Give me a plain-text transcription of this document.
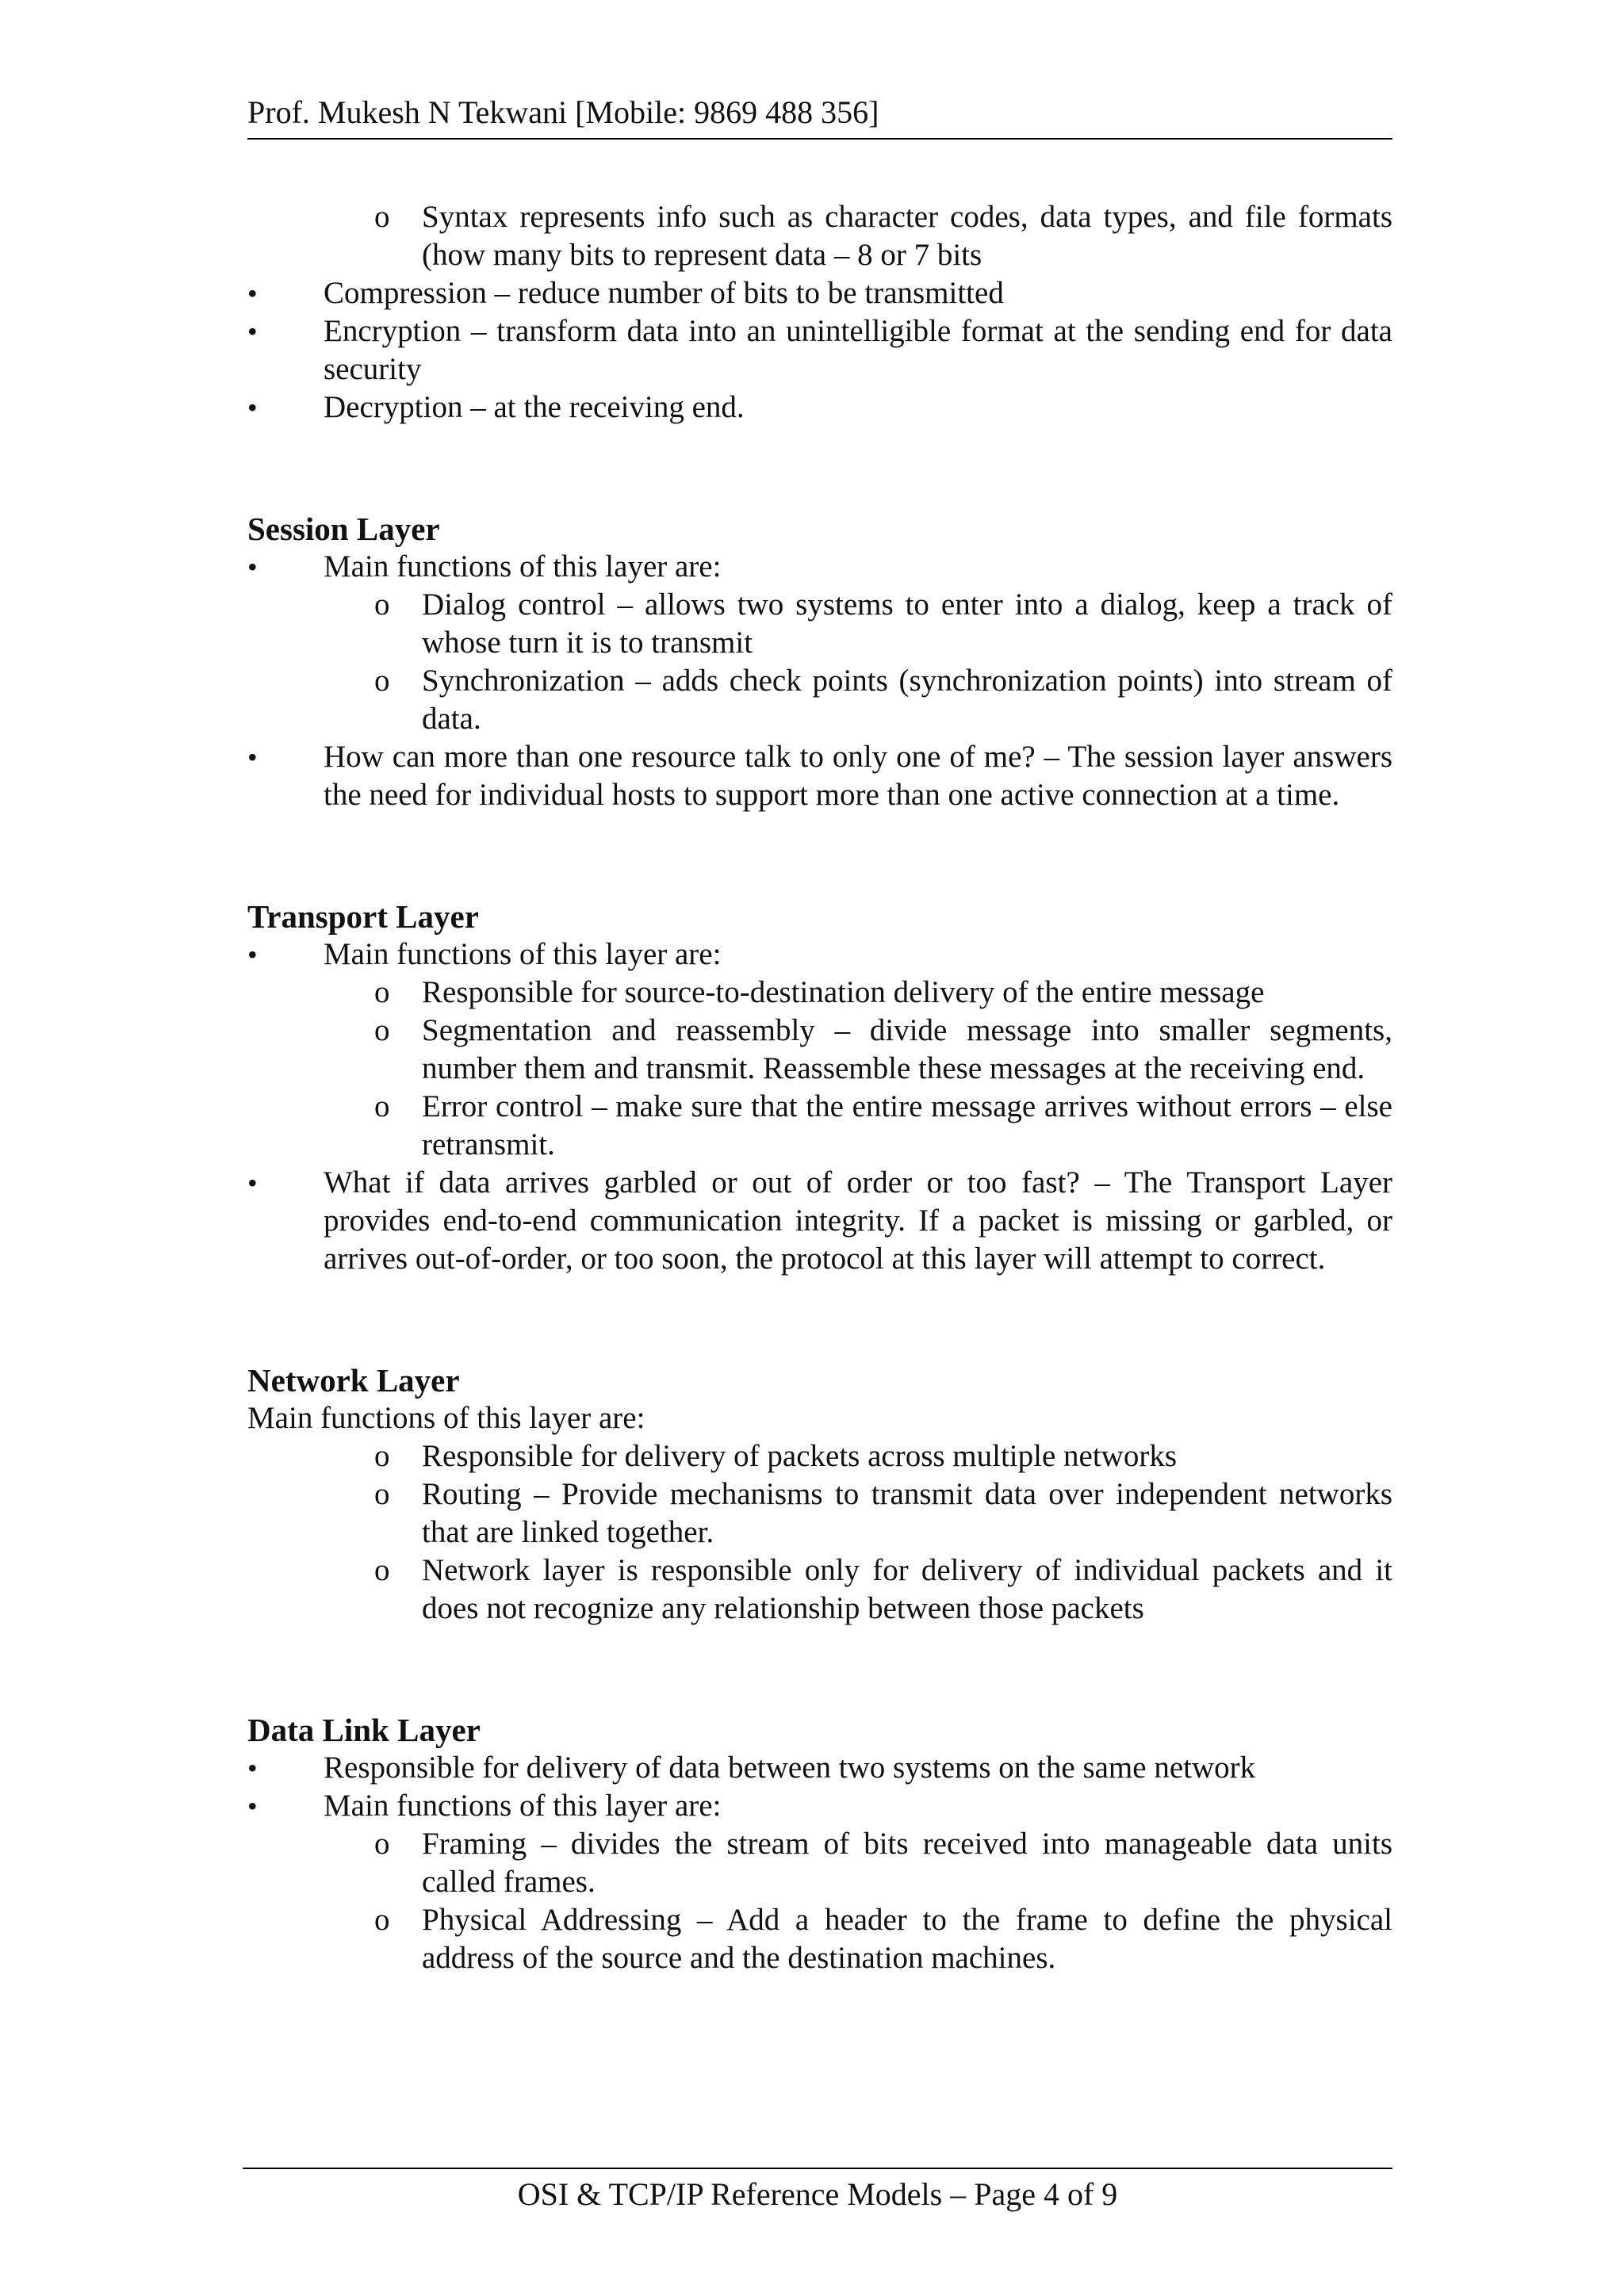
Prof. Mukesh N Tekwani [Mobile: 9869 488 356]
o Syntax represents info such as character codes, data types, and file formats (how many bits to represent data – 8 or 7 bits
• Compression – reduce number of bits to be transmitted
• Encryption – transform data into an unintelligible format at the sending end for data security
• Decryption – at the receiving end.
Session Layer
• Main functions of this layer are:
o Dialog control – allows two systems to enter into a dialog, keep a track of whose turn it is to transmit
o Synchronization – adds check points (synchronization points) into stream of data.
• How can more than one resource talk to only one of me? – The session layer answers the need for individual hosts to support more than one active connection at a time.
Transport Layer
• Main functions of this layer are:
o Responsible for source-to-destination delivery of the entire message
o Segmentation and reassembly – divide message into smaller segments, number them and transmit. Reassemble these messages at the receiving end.
o Error control – make sure that the entire message arrives without errors – else retransmit.
• What if data arrives garbled or out of order or too fast? – The Transport Layer provides end-to-end communication integrity. If a packet is missing or garbled, or arrives out-of-order, or too soon, the protocol at this layer will attempt to correct.
Network Layer
Main functions of this layer are:
o Responsible for delivery of packets across multiple networks
o Routing – Provide mechanisms to transmit data over independent networks that are linked together.
o Network layer is responsible only for delivery of individual packets and it does not recognize any relationship between those packets
Data Link Layer
• Responsible for delivery of data between two systems on the same network
• Main functions of this layer are:
o Framing – divides the stream of bits received into manageable data units called frames.
o Physical Addressing – Add a header to the frame to define the physical address of the source and the destination machines.
OSI & TCP/IP Reference Models – Page 4 of 9
